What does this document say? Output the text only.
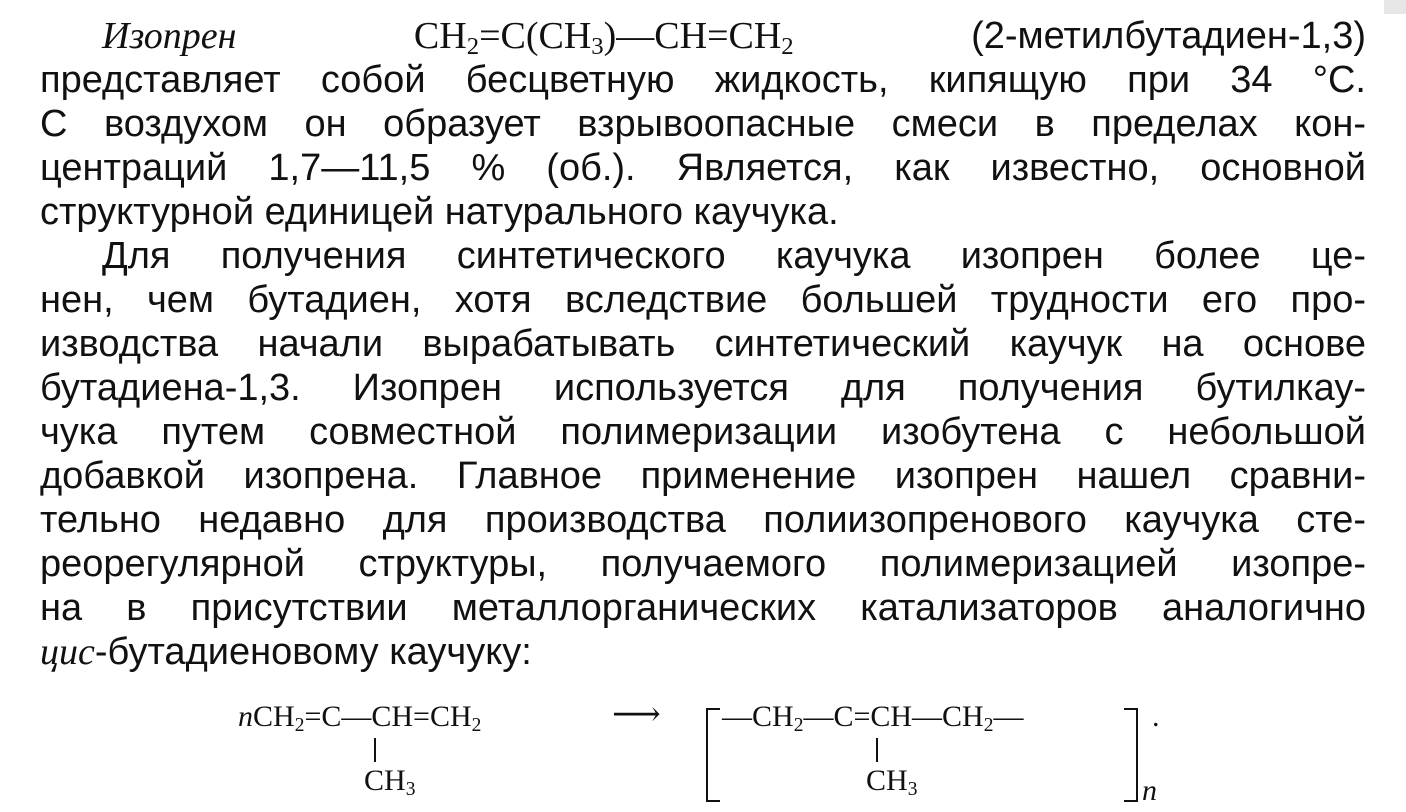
Изопрен	$CH_2=C(CH_3)—CH=CH_2$	(2-метилбутадиен-1,3)
представляет собой бесцветную жидкость, кипящую при 34 °С.
С воздухом он образует взрывоопасные смеси в пределах кон-
центраций 1,7—11,5 % (об.). Является, как известно, основной
структурной единицей натурального каучука.
Для получения синтетического каучука изопрен более це-
нен, чем бутадиен, хотя вследствие большей трудности его про-
изводства начали вырабатывать синтетический каучук на основе
бутадиена-1,3. Изопрен используется для получения бутилкау-
чука путем совместной полимеризации изобутена с небольшой
добавкой изопрена. Главное применение изопрен нашел сравни-
тельно недавно для производства полиизопренового каучука сте-
реорегулярной структуры, получаемого полимеризацией изопре-
на в присутствии металлорганических катализаторов аналогично
цис-бутадиеновому каучуку:
$nCH_2=C—CH=CH_2$
$CH_3$
⟶ $—CH_2—C=CH—CH_2—$
$CH_3$	n
.
